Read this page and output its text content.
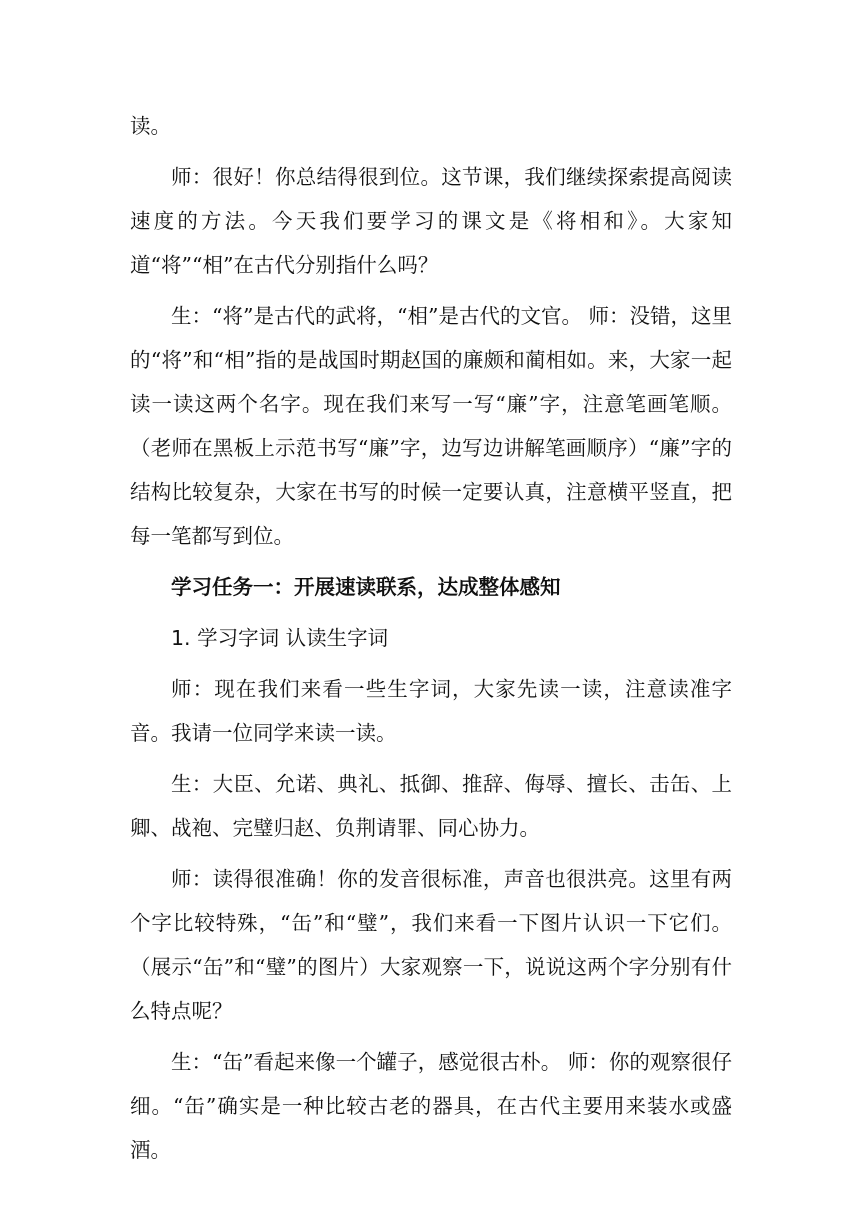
读。

师：很好！你总结得很到位。这节课，我们继续探索提高阅读速度的方法。今天我们要学习的课文是《将相和》。大家知道“将”“相”在古代分别指什么吗？

生：“将”是古代的武将，“相”是古代的文官。 师：没错，这里的“将”和“相”指的是战国时期赵国的廉颇和蔺相如。来，大家一起读一读这两个名字。现在我们来写一写“廉”字，注意笔画笔顺。（老师在黑板上示范书写“廉”字，边写边讲解笔画顺序）“廉”字的结构比较复杂，大家在书写的时候一定要认真，注意横平竖直，把每一笔都写到位。

学习任务一：开展速读联系，达成整体感知

1. 学习字词 认读生字词

师：现在我们来看一些生字词，大家先读一读，注意读准字音。我请一位同学来读一读。

生：大臣、允诺、典礼、抵御、推辞、侮辱、擅长、击缶、上卿、战袍、完璧归赵、负荆请罪、同心协力。

师：读得很准确！你的发音很标准，声音也很洪亮。这里有两个字比较特殊，“缶”和“璧”，我们来看一下图片认识一下它们。（展示“缶”和“璧”的图片）大家观察一下，说说这两个字分别有什么特点呢？

生：“缶”看起来像一个罐子，感觉很古朴。 师：你的观察很仔细。“缶”确实是一种比较古老的器具，在古代主要用来装水或盛酒。
